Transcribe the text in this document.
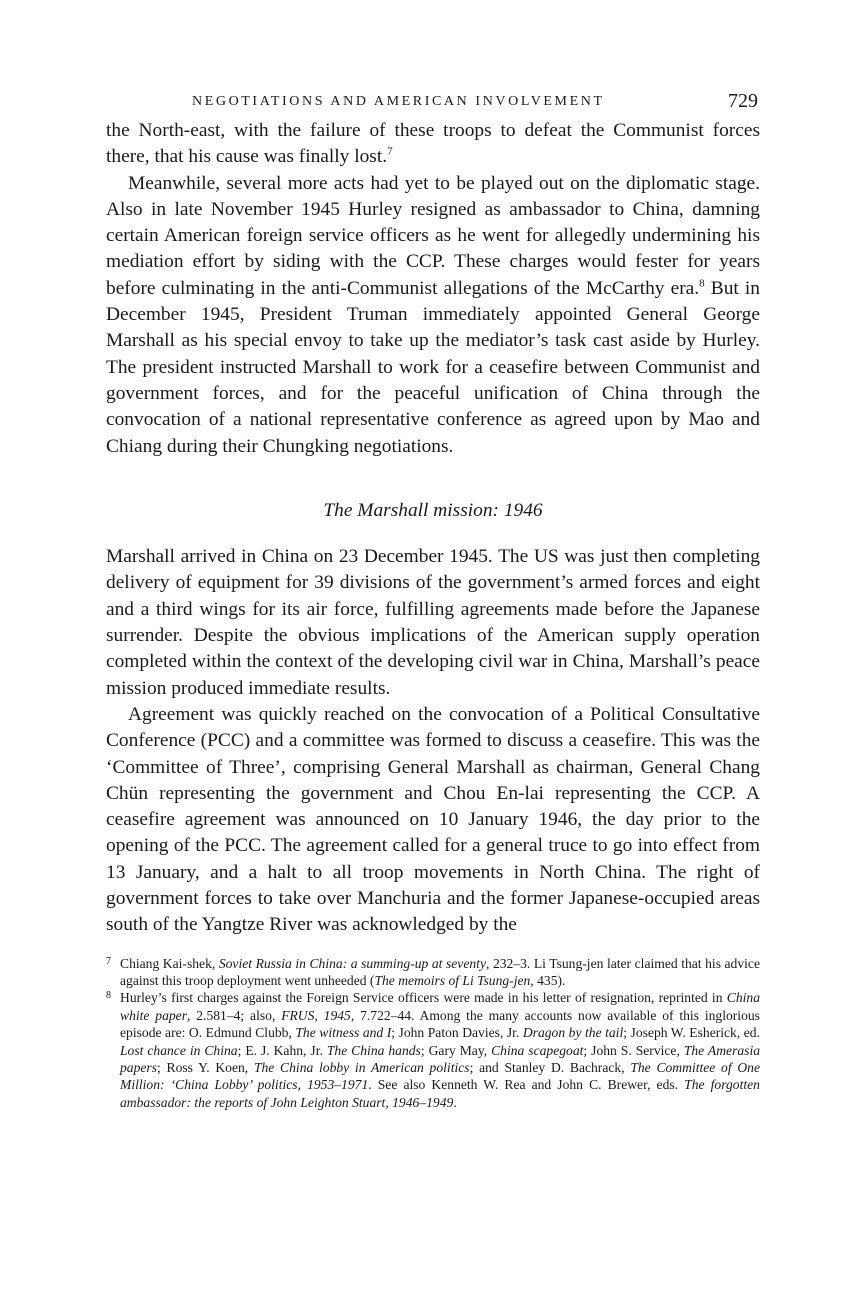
NEGOTIATIONS AND AMERICAN INVOLVEMENT	729

the North-east, with the failure of these troops to defeat the Communist forces there, that his cause was finally lost.$^7$

Meanwhile, several more acts had yet to be played out on the diplomatic stage. Also in late November 1945 Hurley resigned as ambassador to China, damning certain American foreign service officers as he went for allegedly undermining his mediation effort by siding with the CCP. These charges would fester for years before culminating in the anti-Communist allegations of the McCarthy era.$^8$ But in December 1945, President Truman immediately appointed General George Marshall as his special envoy to take up the mediator’s task cast aside by Hurley. The president instructed Marshall to work for a ceasefire between Communist and government forces, and for the peaceful unification of China through the convocation of a national representative conference as agreed upon by Mao and Chiang during their Chungking negotiations.

The Marshall mission: 1946

Marshall arrived in China on 23 December 1945. The US was just then completing delivery of equipment for 39 divisions of the government’s armed forces and eight and a third wings for its air force, fulfilling agreements made before the Japanese surrender. Despite the obvious implications of the American supply operation completed within the context of the developing civil war in China, Marshall’s peace mission produced immediate results.

Agreement was quickly reached on the convocation of a Political Consultative Conference (PCC) and a committee was formed to discuss a ceasefire. This was the ‘Committee of Three’, comprising General Marshall as chairman, General Chang Chün representing the government and Chou En-lai representing the CCP. A ceasefire agreement was announced on 10 January 1946, the day prior to the opening of the PCC. The agreement called for a general truce to go into effect from 13 January, and a halt to all troop movements in North China. The right of government forces to take over Manchuria and the former Japanese-occupied areas south of the Yangtze River was acknowledged by the

7 Chiang Kai-shek, Soviet Russia in China: a summing-up at seventy, 232–3. Li Tsung-jen later claimed that his advice against this troop deployment went unheeded (The memoirs of Li Tsung-jen, 435).

8 Hurley’s first charges against the Foreign Service officers were made in his letter of resignation, reprinted in China white paper, 2.581–4; also, FRUS, 1945, 7.722–44. Among the many accounts now available of this inglorious episode are: O. Edmund Clubb, The witness and I; John Paton Davies, Jr. Dragon by the tail; Joseph W. Esherick, ed. Lost chance in China; E. J. Kahn, Jr. The China hands; Gary May, China scapegoat; John S. Service, The Amerasia papers; Ross Y. Koen, The China lobby in American politics; and Stanley D. Bachrack, The Committee of One Million: ‘China Lobby’ politics, 1953–1971. See also Kenneth W. Rea and John C. Brewer, eds. The forgotten ambassador: the reports of John Leighton Stuart, 1946–1949.
